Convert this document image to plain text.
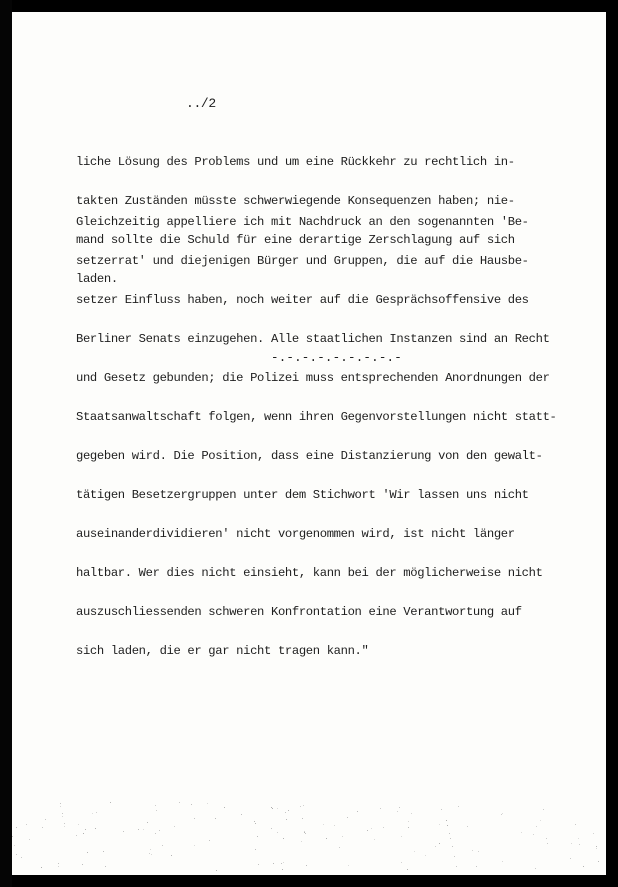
../2

liche Lösung des Problems und um eine Rückkehr zu rechtlich in-

takten Zuständen müsste schwerwiegende Konsequenzen haben; nie-

mand sollte die Schuld für eine derartige Zerschlagung auf sich

laden.

Gleichzeitig appelliere ich mit Nachdruck an den sogenannten 'Be-

setzerrat' und diejenigen Bürger und Gruppen, die auf die Hausbe-

setzer Einfluss haben, noch weiter auf die Gesprächsoffensive des

Berliner Senats einzugehen. Alle staatlichen Instanzen sind an Recht

und Gesetz gebunden; die Polizei muss entsprechenden Anordnungen der

Staatsanwaltschaft folgen, wenn ihren Gegenvorstellungen nicht statt-

gegeben wird. Die Position, dass eine Distanzierung von den gewalt-

tätigen Besetzergruppen unter dem Stichwort 'Wir lassen uns nicht

auseinanderdividieren' nicht vorgenommen wird, ist nicht länger

haltbar. Wer dies nicht einsieht, kann bei der möglicherweise nicht

auszuschliessenden schweren Konfrontation eine Verantwortung auf

sich laden, die er gar nicht tragen kann."

-.-.-.-.-.-.-.-.-
